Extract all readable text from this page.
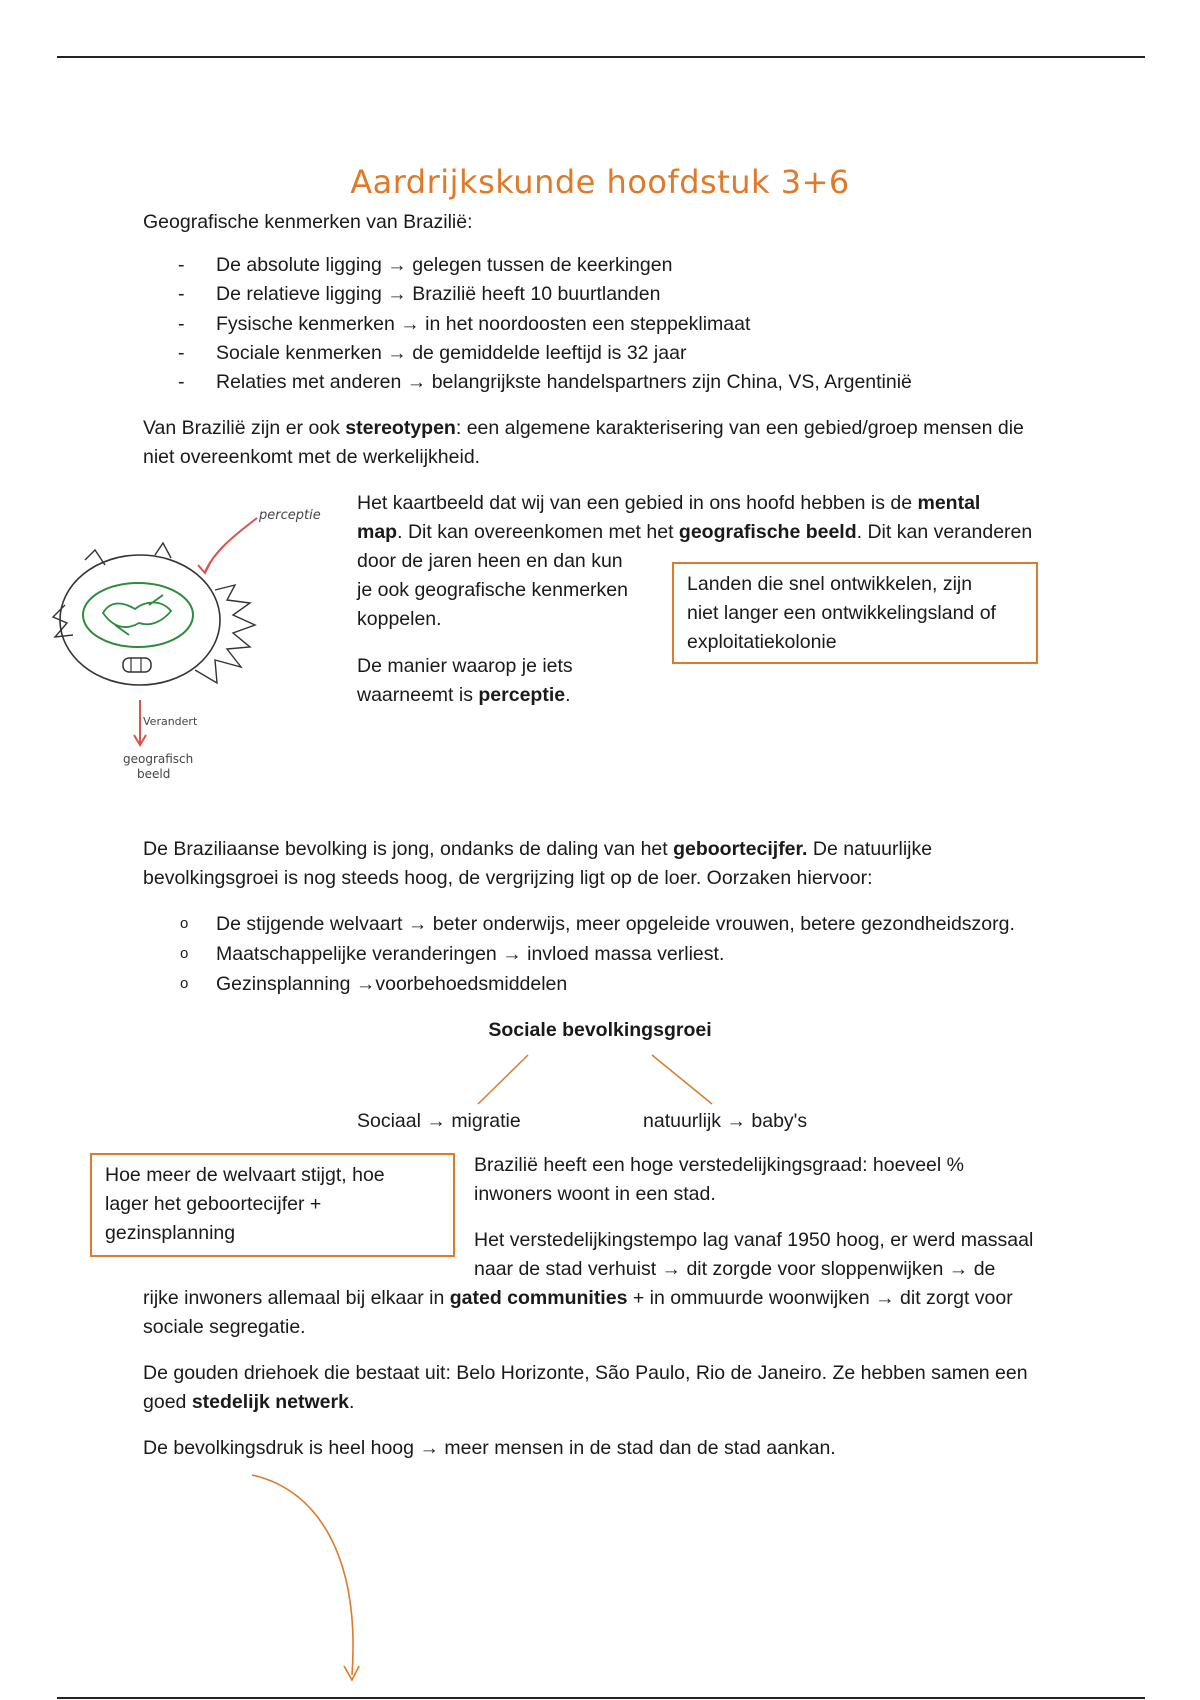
Aardrijkskunde hoofdstuk 3+6
Geografische kenmerken van Brazilië:
- De absolute ligging → gelegen tussen de keerkingen
- De relatieve ligging → Brazilië heeft 10 buurtlanden
- Fysische kenmerken → in het noordoosten een steppeklimaat
- Sociale kenmerken → de gemiddelde leeftijd is 32 jaar
- Relaties met anderen → belangrijkste handelspartners zijn China, VS, Argentinië
Van Brazilië zijn er ook stereotypen: een algemene karakterisering van een gebied/groep mensen die
niet overeenkomt met de werkelijkheid.
perceptie
Verandert
geografisch
beeld
Het kaartbeeld dat wij van een gebied in ons hoofd hebben is de mental
map. Dit kan overeenkomen met het geografische beeld. Dit kan veranderen
door de jaren heen en dan kun
je ook geografische kenmerken
koppelen.
De manier waarop je iets
waarneemt is perceptie.
Landen die snel ontwikkelen, zijn
niet langer een ontwikkelingsland of
exploitatiekolonie
De Braziliaanse bevolking is jong, ondanks de daling van het geboortecijfer. De natuurlijke
bevolkingsgroei is nog steeds hoog, de vergrijzing ligt op de loer. Oorzaken hiervoor:
o De stijgende welvaart → beter onderwijs, meer opgeleide vrouwen, betere gezondheidszorg.
o Maatschappelijke veranderingen → invloed massa verliest.
o Gezinsplanning →voorbehoedsmiddelen
Sociale bevolkingsgroei
Sociaal → migratie	natuurlijk → baby's
Hoe meer de welvaart stijgt, hoe
lager het geboortecijfer +
gezinsplanning
Brazilië heeft een hoge verstedelijkingsgraad: hoeveel %
inwoners woont in een stad.
Het verstedelijkingstempo lag vanaf 1950 hoog, er werd massaal
naar de stad verhuist → dit zorgde voor sloppenwijken → de
rijke inwoners allemaal bij elkaar in gated communities + in ommuurde woonwijken → dit zorgt voor
sociale segregatie.
De gouden driehoek die bestaat uit: Belo Horizonte, São Paulo, Rio de Janeiro. Ze hebben samen een
goed stedelijk netwerk.
De bevolkingsdruk is heel hoog → meer mensen in de stad dan de stad aankan.
